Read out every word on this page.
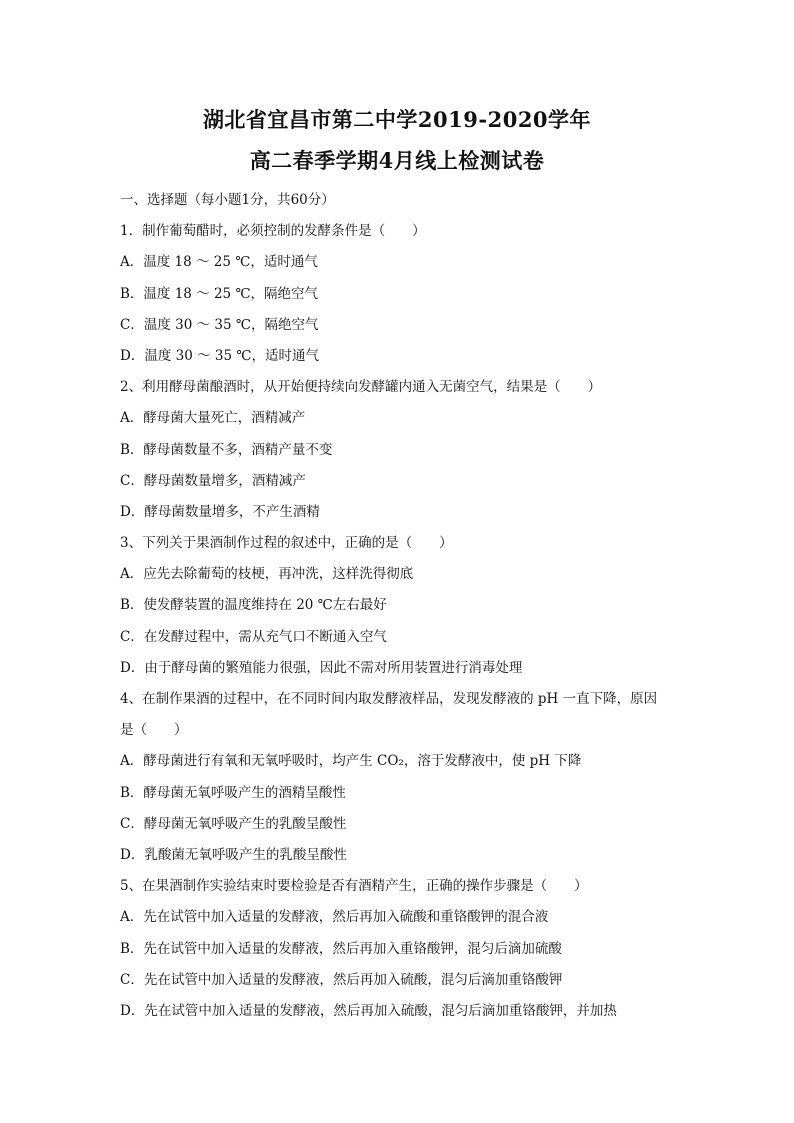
湖北省宜昌市第二中学2019-2020学年
高二春季学期4月线上检测试卷
一、选择题（每小题1分，共60分）
1．制作葡萄醋时，必须控制的发酵条件是（　　）
A．温度 18 ～ 25 ℃，适时通气
B．温度 18 ～ 25 ℃，隔绝空气
C．温度 30 ～ 35 ℃，隔绝空气
D．温度 30 ～ 35 ℃，适时通气
2、利用酵母菌酿酒时，从开始便持续向发酵罐内通入无菌空气，结果是（　　）
A．酵母菌大量死亡，酒精减产
B．酵母菌数量不多，酒精产量不变
C．酵母菌数量增多，酒精减产
D．酵母菌数量增多，不产生酒精
3、下列关于果酒制作过程的叙述中，正确的是（　　）
A．应先去除葡萄的枝梗，再冲洗，这样洗得彻底
B．使发酵装置的温度维持在 20 ℃左右最好
C．在发酵过程中，需从充气口不断通入空气
D．由于酵母菌的繁殖能力很强，因此不需对所用装置进行消毒处理
4、在制作果酒的过程中，在不同时间内取发酵液样品，发现发酵液的 pH 一直下降，原因
是（　　）
A．酵母菌进行有氧和无氧呼吸时，均产生 CO₂，溶于发酵液中，使 pH 下降
B．酵母菌无氧呼吸产生的酒精呈酸性
C．酵母菌无氧呼吸产生的乳酸呈酸性
D．乳酸菌无氧呼吸产生的乳酸呈酸性
5、在果酒制作实验结束时要检验是否有酒精产生，正确的操作步骤是（　　）
A．先在试管中加入适量的发酵液，然后再加入硫酸和重铬酸钾的混合液
B．先在试管中加入适量的发酵液，然后再加入重铬酸钾，混匀后滴加硫酸
C．先在试管中加入适量的发酵液，然后再加入硫酸，混匀后滴加重铬酸钾
D．先在试管中加入适量的发酵液，然后再加入硫酸，混匀后滴加重铬酸钾，并加热
